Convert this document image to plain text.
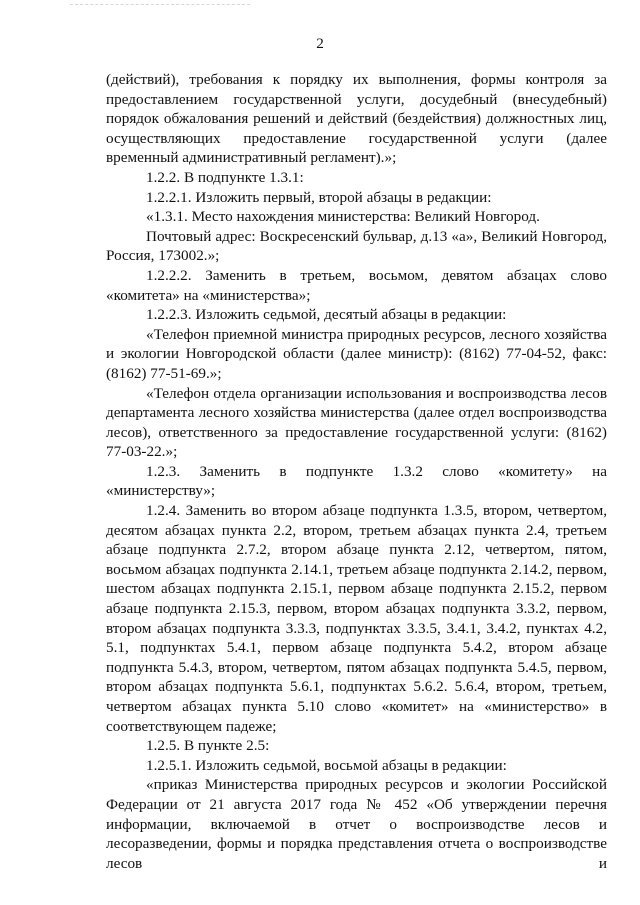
2

(действий), требования к порядку их выполнения, формы контроля за предоставлением государственной услуги, досудебный (внесудебный) порядок обжалования решений и действий (бездействия) должностных лиц, осуществляющих предоставление государственной услуги (далее временный административный регламент).»;

1.2.2. В подпункте 1.3.1:

1.2.2.1. Изложить первый, второй абзацы в редакции:

«1.3.1. Место нахождения министерства: Великий Новгород.

Почтовый адрес: Воскресенский бульвар, д.13 «а», Великий Новгород, Россия, 173002.»;

1.2.2.2. Заменить в третьем, восьмом, девятом абзацах слово «комитета» на «министерства»;

1.2.2.3. Изложить седьмой, десятый абзацы в редакции:

«Телефон приемной министра природных ресурсов, лесного хозяйства и экологии Новгородской области (далее министр): (8162) 77-04-52, факс: (8162) 77-51-69.»;

«Телефон отдела организации использования и воспроизводства лесов департамента лесного хозяйства министерства (далее отдел воспроизводства лесов), ответственного за предоставление государственной услуги: (8162) 77-03-22.»;

1.2.3. Заменить в подпункте 1.3.2 слово «комитету» на «министерству»;

1.2.4. Заменить во втором абзаце подпункта 1.3.5, втором, четвертом, десятом абзацах пункта 2.2, втором, третьем абзацах пункта 2.4, третьем абзаце подпункта 2.7.2, втором абзаце пункта 2.12, четвертом, пятом, восьмом абзацах подпункта 2.14.1, третьем абзаце подпункта 2.14.2, первом, шестом абзацах подпункта 2.15.1, первом абзаце подпункта 2.15.2, первом абзаце подпункта 2.15.3, первом, втором абзацах подпункта 3.3.2, первом, втором абзацах подпункта 3.3.3, подпунктах 3.3.5, 3.4.1, 3.4.2, пунктах 4.2, 5.1, подпунктах 5.4.1, первом абзаце подпункта 5.4.2, втором абзаце подпункта 5.4.3, втором, четвертом, пятом абзацах подпункта 5.4.5, первом, втором абзацах подпункта 5.6.1, подпунктах 5.6.2. 5.6.4, втором, третьем, четвертом абзацах пункта 5.10 слово «комитет» на «министерство» в соответствующем падеже;

1.2.5. В пункте 2.5:

1.2.5.1. Изложить седьмой, восьмой абзацы в редакции:

«приказ Министерства природных ресурсов и экологии Российской Федерации от 21 августа 2017 года № 452 «Об утверждении перечня информации, включаемой в отчет о воспроизводстве лесов и лесоразведении, формы и порядка представления отчета о воспроизводстве лесов и
